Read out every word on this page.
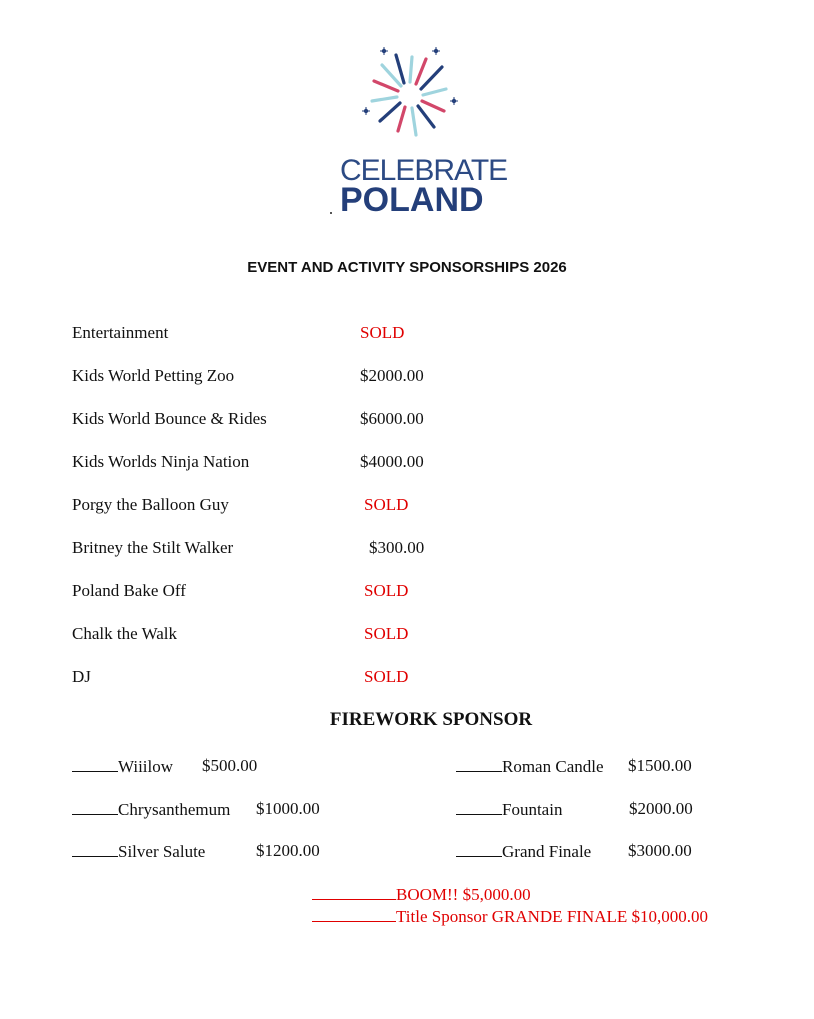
CELEBRATE
POLAND
EVENT AND ACTIVITY SPONSORSHIPS 2026
Entertainment	SOLD
Kids World Petting Zoo	$2000.00
Kids World Bounce & Rides	$6000.00
Kids Worlds Ninja Nation	$4000.00
Porgy the Balloon Guy	SOLD
Britney the Stilt Walker	$300.00
Poland Bake Off	SOLD
Chalk the Walk	SOLD
DJ	SOLD
FIREWORK SPONSOR
Wiiilow $500.00
Chrysanthemum $1000.00
Silver Salute	$1200.00
Roman Candle $1500.00
Fountain	$2000.00
Grand Finale $3000.00
BOOM!! $5,000.00
Title Sponsor GRANDE FINALE $10,000.00
